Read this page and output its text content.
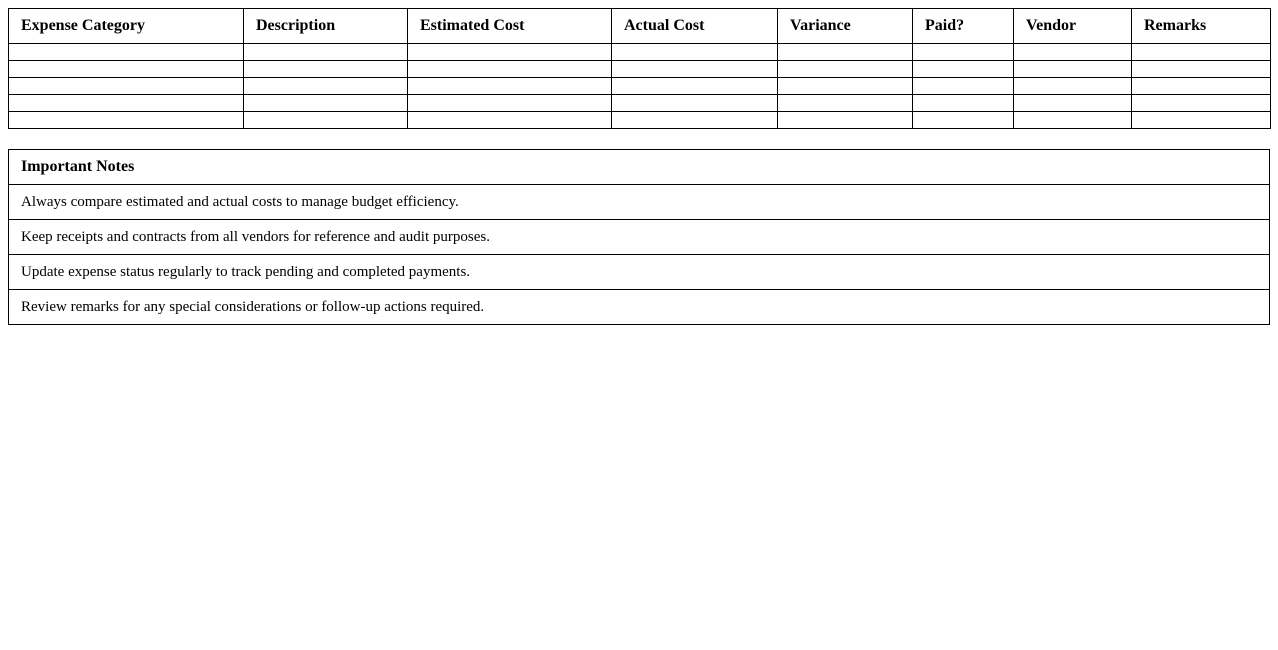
Expense Category	Description	Estimated Cost	Actual Cost	Variance	Paid?	Vendor	Remarks

Important Notes
Always compare estimated and actual costs to manage budget efficiency.
Keep receipts and contracts from all vendors for reference and audit purposes.
Update expense status regularly to track pending and completed payments.
Review remarks for any special considerations or follow-up actions required.
